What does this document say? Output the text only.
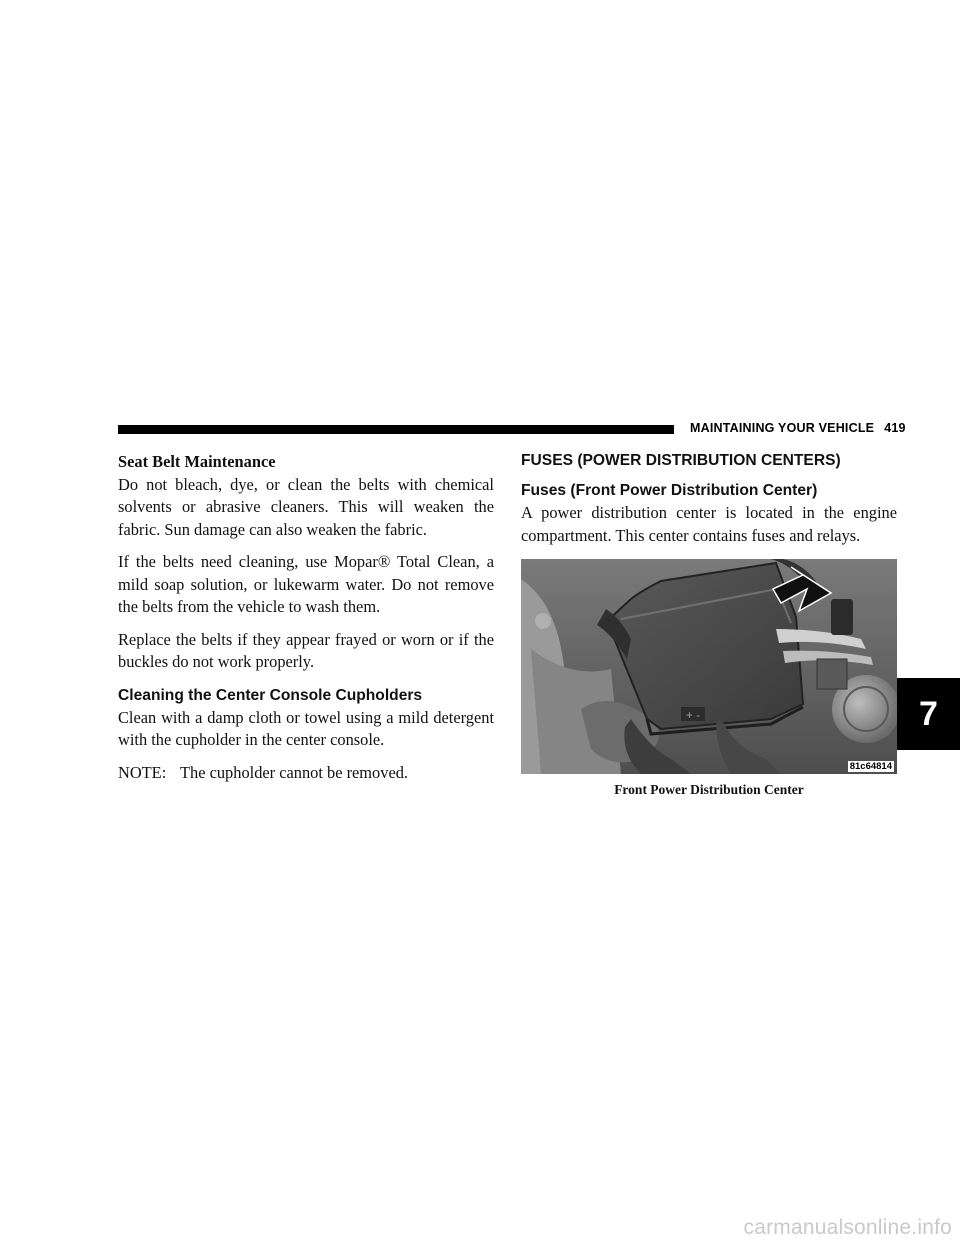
MAINTAINING YOUR VEHICLE 419
7
Seat Belt Maintenance

Do not bleach, dye, or clean the belts with chemical solvents or abrasive cleaners. This will weaken the fabric. Sun damage can also weaken the fabric.

If the belts need cleaning, use Mopar® Total Clean, a mild soap solution, or lukewarm water. Do not remove the belts from the vehicle to wash them.

Replace the belts if they appear frayed or worn or if the buckles do not work properly.

Cleaning the Center Console Cupholders

Clean with a damp cloth or towel using a mild detergent with the cupholder in the center console.

NOTE: The cupholder cannot be removed.
FUSES (POWER DISTRIBUTION CENTERS)
Fuses (Front Power Distribution Center)

A power distribution center is located in the engine compartment. This center contains fuses and relays.

+ -
81c64814
Front Power Distribution Center
carmanualsonline.info
